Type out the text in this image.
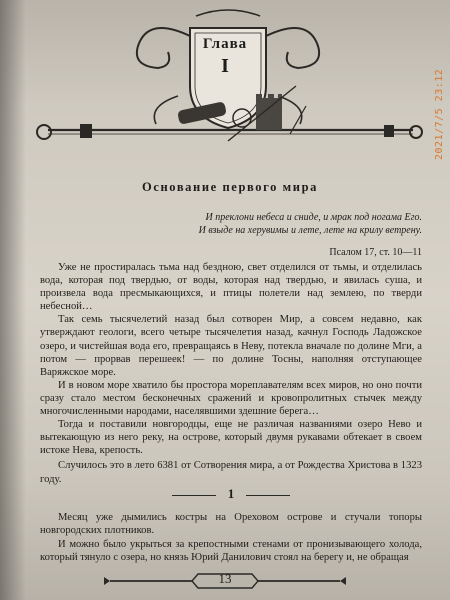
2021/7/5 23:12
Глава
I
Основание первого мира
И преклони небеса и сниде, и мрак под ногама Его.
И взыде на херувимы и лете, лете на крилу ветрену.
Псалом 17, ст. 10—11

Уже не простиралась тьма над бездною, свет отделился от тьмы, и отделилась вода, которая под твердью, от воды, которая над твердью, и явилась суша, и произвела вода пресмыкающихся, и птицы полетели над землею, по тверди небесной…

Так семь тысячелетий назад был сотворен Мир, а совсем недавно, как утверждают геологи, всего четыре тысячелетия назад, качнул Господь Ладожское озеро, и чистейшая вода его, превращаясь в Неву, потекла вначале по долине Мги, а потом — прорвав перешеек! — по долине Тосны, наполняя отступающее Варяжское море.

И в новом море хватило бы простора мореплавателям всех миров, но оно почти сразу стало местом бесконечных сражений и кровопролитных стычек между многочисленными народами, населявшими здешние берега…

Тогда и поставили новгородцы, еще не различая названиями озеро Нево и вытекающую из него реку, на острове, который двумя рукавами обтекает в своем истоке Нева, крепость.

Случилось это в лето 6381 от Сотворения мира, а от Рождества Христова в 1323 году.

1

Месяц уже дымились костры на Ореховом острове и стучали топоры новгородских плотников.

И можно было укрыться за крепостными стенами от пронизывающего холода, который тянуло с озера, но князь Юрий Данилович стоял на берегу и, не обращая

13
